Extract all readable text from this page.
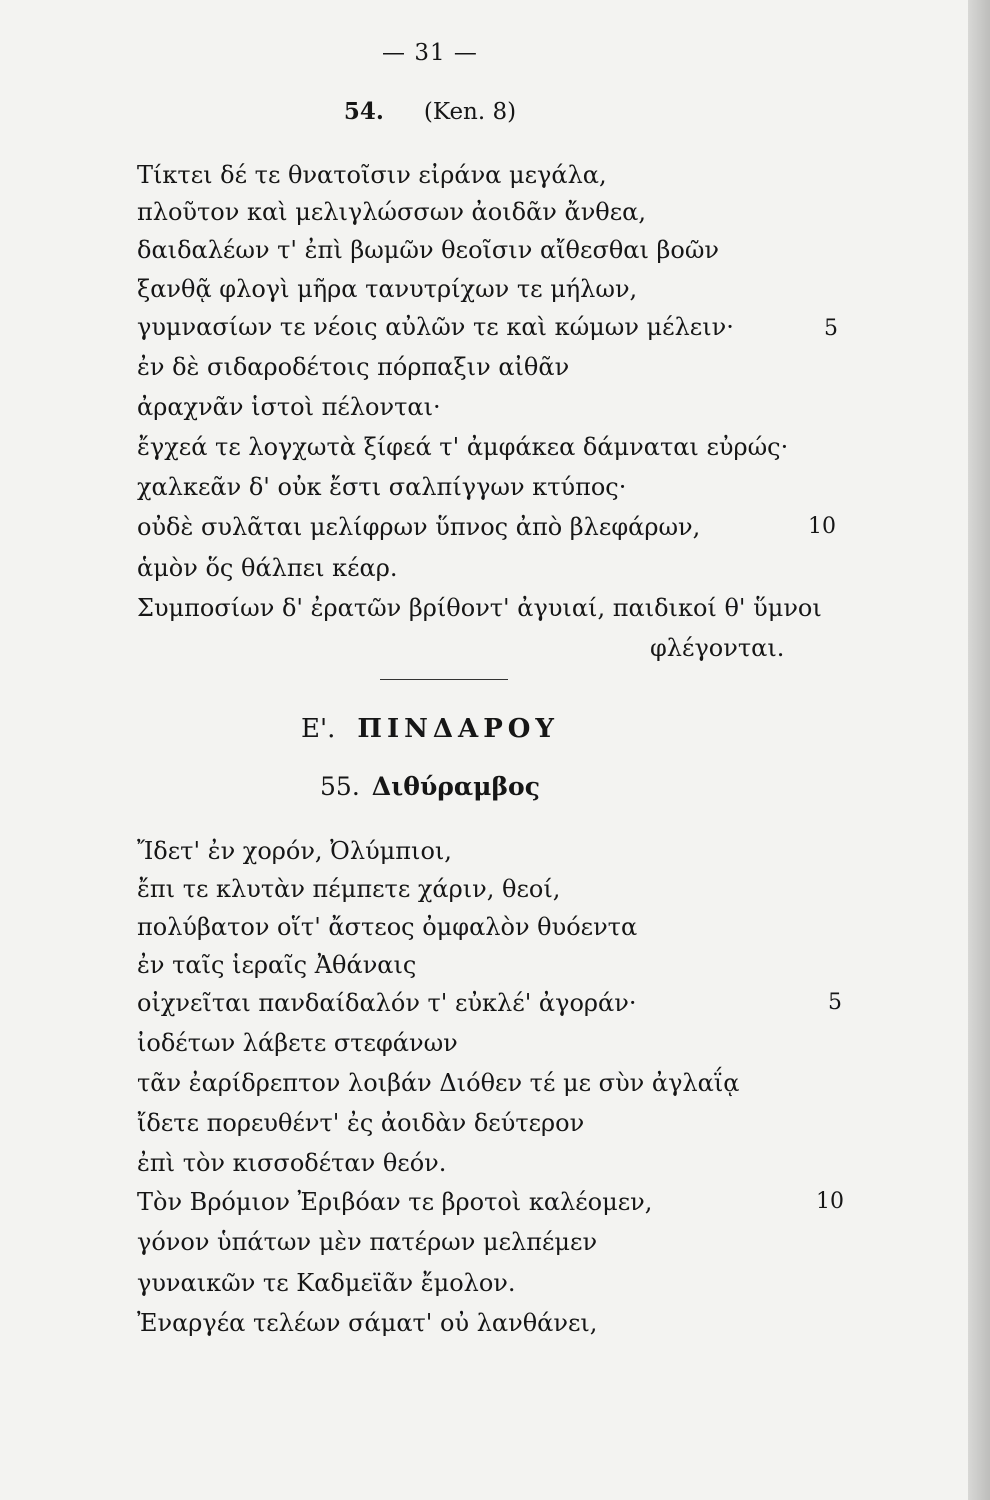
— 31 —
54. (Ken. 8)
Τίκτει δέ τε θνατοῖσιν εἰράνα μεγάλα,
πλοῦτον καὶ μελιγλώσσων ἀοιδᾶν ἄνθεα,
δαιδαλέων τ' ἐπὶ βωμῶν θεοῖσιν αἴθεσθαι βοῶν
ξανθᾷ φλογὶ μῆρα τανυτρίχων τε μήλων,
γυμνασίων τε νέοις αὐλῶν τε καὶ κώμων μέλειν·	5
ἐν δὲ σιδαροδέτοις πόρπαξιν αἰθᾶν
ἀραχνᾶν ἱστοὶ πέλονται·
ἔγχεά τε λογχωτὰ ξίφεά τ' ἀμφάκεα δάμναται εὐρώς·
χαλκεᾶν δ' οὐκ ἔστι σαλπίγγων κτύπος·
οὐδὲ συλᾶται μελίφρων ὕπνος ἀπὸ βλεφάρων,	10
ἁμὸν ὅς θάλπει κέαρ.
Συμποσίων δ' ἐρατῶν βρίθοντ' ἀγυιαί, παιδικοί θ' ὕμνοι
φλέγονται.
Ε'. ΠΙΝΔΑΡΟΥ
55. Διθύραμβος
Ἴδετ' ἐν χορόν, Ὀλύμπιοι,
ἔπι τε κλυτὰν πέμπετε χάριν, θεοί,
πολύβατον οἵτ' ἄστεος ὀμφαλὸν θυόεντα
ἐν ταῖς ἱεραῖς Ἀθάναις
οἰχνεῖται πανδαίδαλόν τ' εὐκλέ' ἀγοράν·	5
ἰοδέτων λάβετε στεφάνων
τᾶν ἐαρίδρεπτον λοιβάν Διόθεν τέ με σὺν ἀγλαΐᾳ
ἴδετε πορευθέντ' ἐς ἀοιδὰν δεύτερον
ἐπὶ τὸν κισσοδέταν θεόν.
Τὸν Βρόμιον Ἐριβόαν τε βροτοὶ καλέομεν,	10
γόνον ὑπάτων μὲν πατέρων μελπέμεν
γυναικῶν τε Καδμεϊᾶν ἔμολον.
Ἐναργέα τελέων σάματ' οὐ λανθάνει,
